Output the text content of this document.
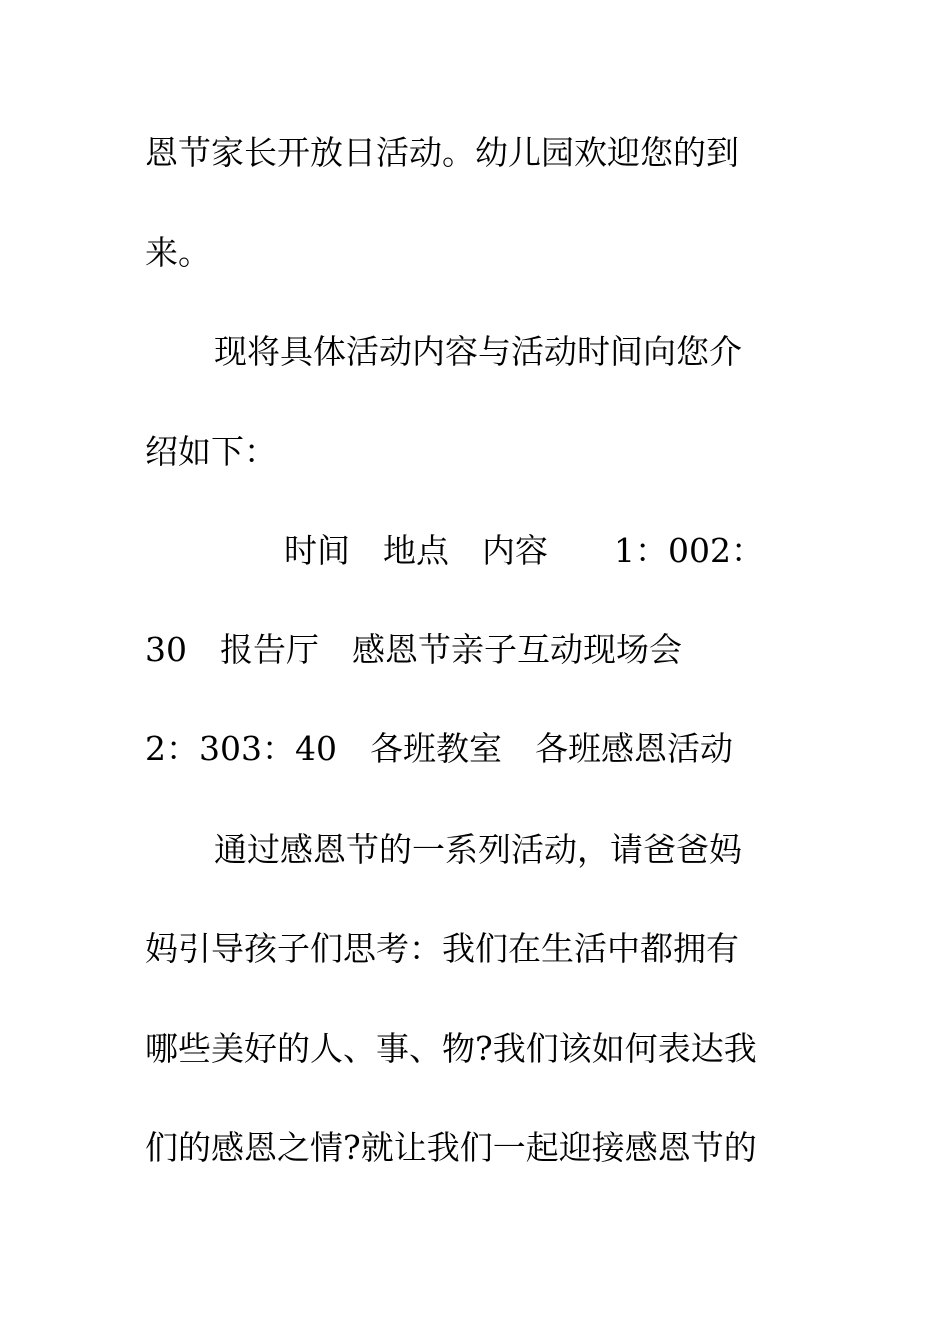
恩节家长开放日活动。幼儿园欢迎您的到
来。
现将具体活动内容与活动时间向您介
绍如下：
时间　地点　内容　　1：002：
30　报告厅　感恩节亲子互动现场会
2：303：40　各班教室　各班感恩活动
通过感恩节的一系列活动，请爸爸妈
妈引导孩子们思考：我们在生活中都拥有
哪些美好的人、事、物?我们该如何表达我
们的感恩之情?就让我们一起迎接感恩节的
